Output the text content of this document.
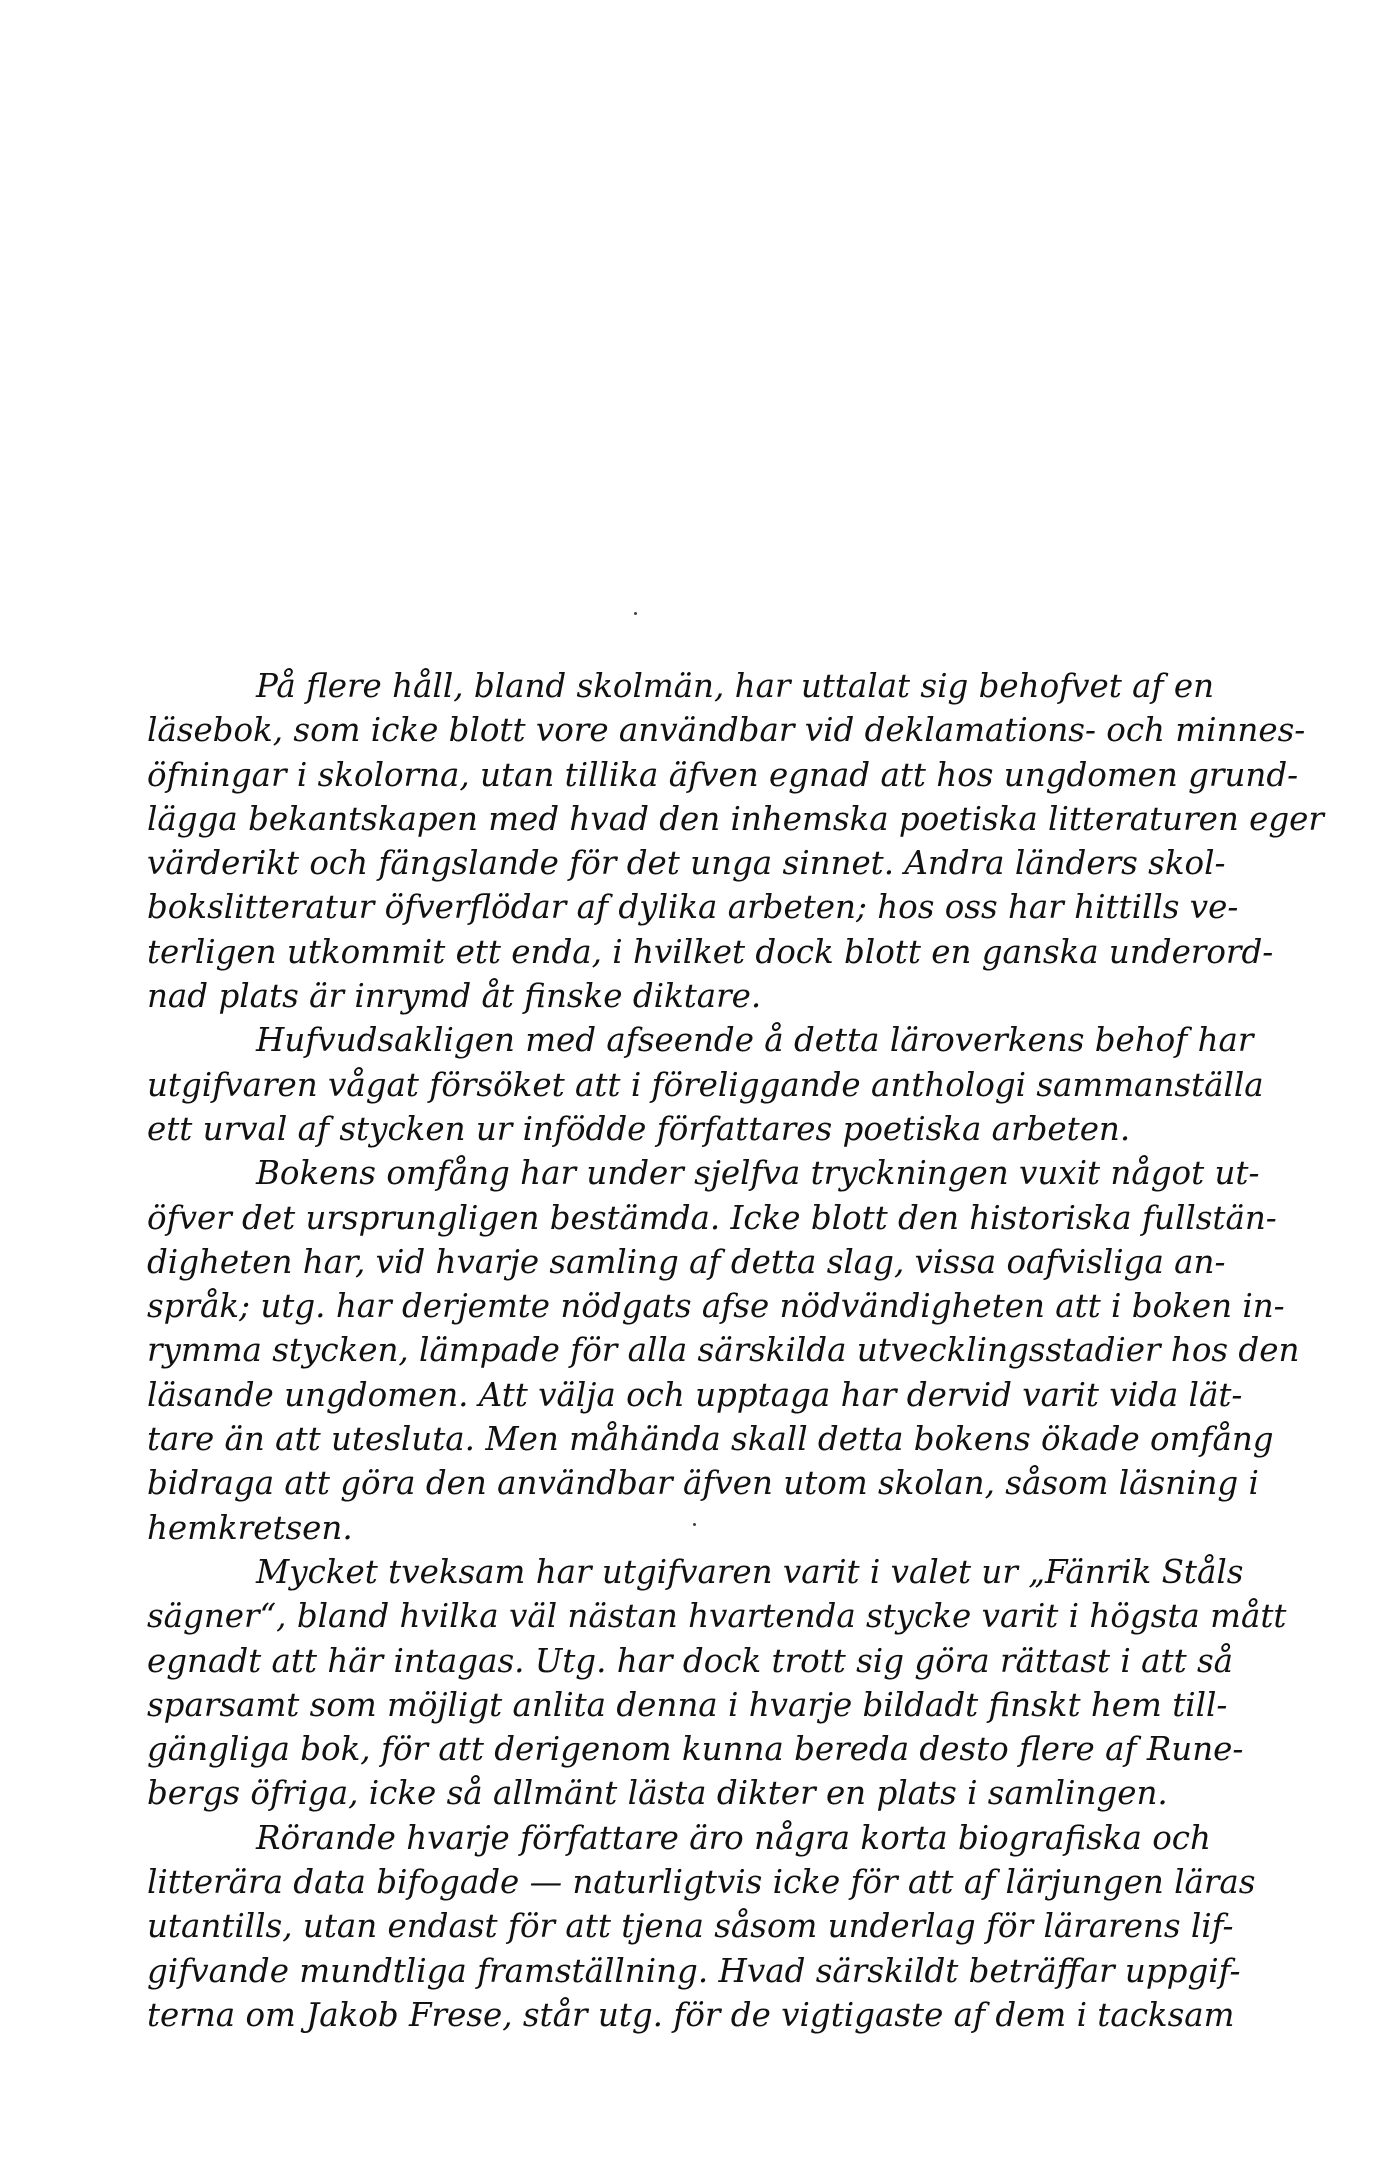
På flere håll, bland skolmän, har uttalat sig behofvet af en
läsebok, som icke blott vore användbar vid deklamations- och minnes-
öfningar i skolorna, utan tillika äfven egnad att hos ungdomen grund-
lägga bekantskapen med hvad den inhemska poetiska litteraturen eger
värderikt och fängslande för det unga sinnet. Andra länders skol-
bokslitteratur öfverflödar af dylika arbeten; hos oss har hittills ve-
terligen utkommit ett enda, i hvilket dock blott en ganska underord-
nad plats är inrymd åt finske diktare.
Hufvudsakligen med afseende å detta läroverkens behof har
utgifvaren vågat försöket att i föreliggande anthologi sammanställa
ett urval af stycken ur infödde författares poetiska arbeten.
Bokens omfång har under sjelfva tryckningen vuxit något ut-
öfver det ursprungligen bestämda. Icke blott den historiska fullstän-
digheten har, vid hvarje samling af detta slag, vissa oafvisliga an-
språk; utg. har derjemte nödgats afse nödvändigheten att i boken in-
rymma stycken, lämpade för alla särskilda utvecklingsstadier hos den
läsande ungdomen. Att välja och upptaga har dervid varit vida lät-
tare än att utesluta. Men måhända skall detta bokens ökade omfång
bidraga att göra den användbar äfven utom skolan, såsom läsning i
hemkretsen.
Mycket tveksam har utgifvaren varit i valet ur „Fänrik Ståls
sägner“, bland hvilka väl nästan hvartenda stycke varit i högsta mått
egnadt att här intagas. Utg. har dock trott sig göra rättast i att så
sparsamt som möjligt anlita denna i hvarje bildadt finskt hem till-
gängliga bok, för att derigenom kunna bereda desto flere af Rune-
bergs öfriga, icke så allmänt lästa dikter en plats i samlingen.
Rörande hvarje författare äro några korta biografiska och
litterära data bifogade — naturligtvis icke för att af lärjungen läras
utantills, utan endast för att tjena såsom underlag för lärarens lif-
gifvande mundtliga framställning. Hvad särskildt beträffar uppgif-
terna om Jakob Frese, står utg. för de vigtigaste af dem i tacksam
